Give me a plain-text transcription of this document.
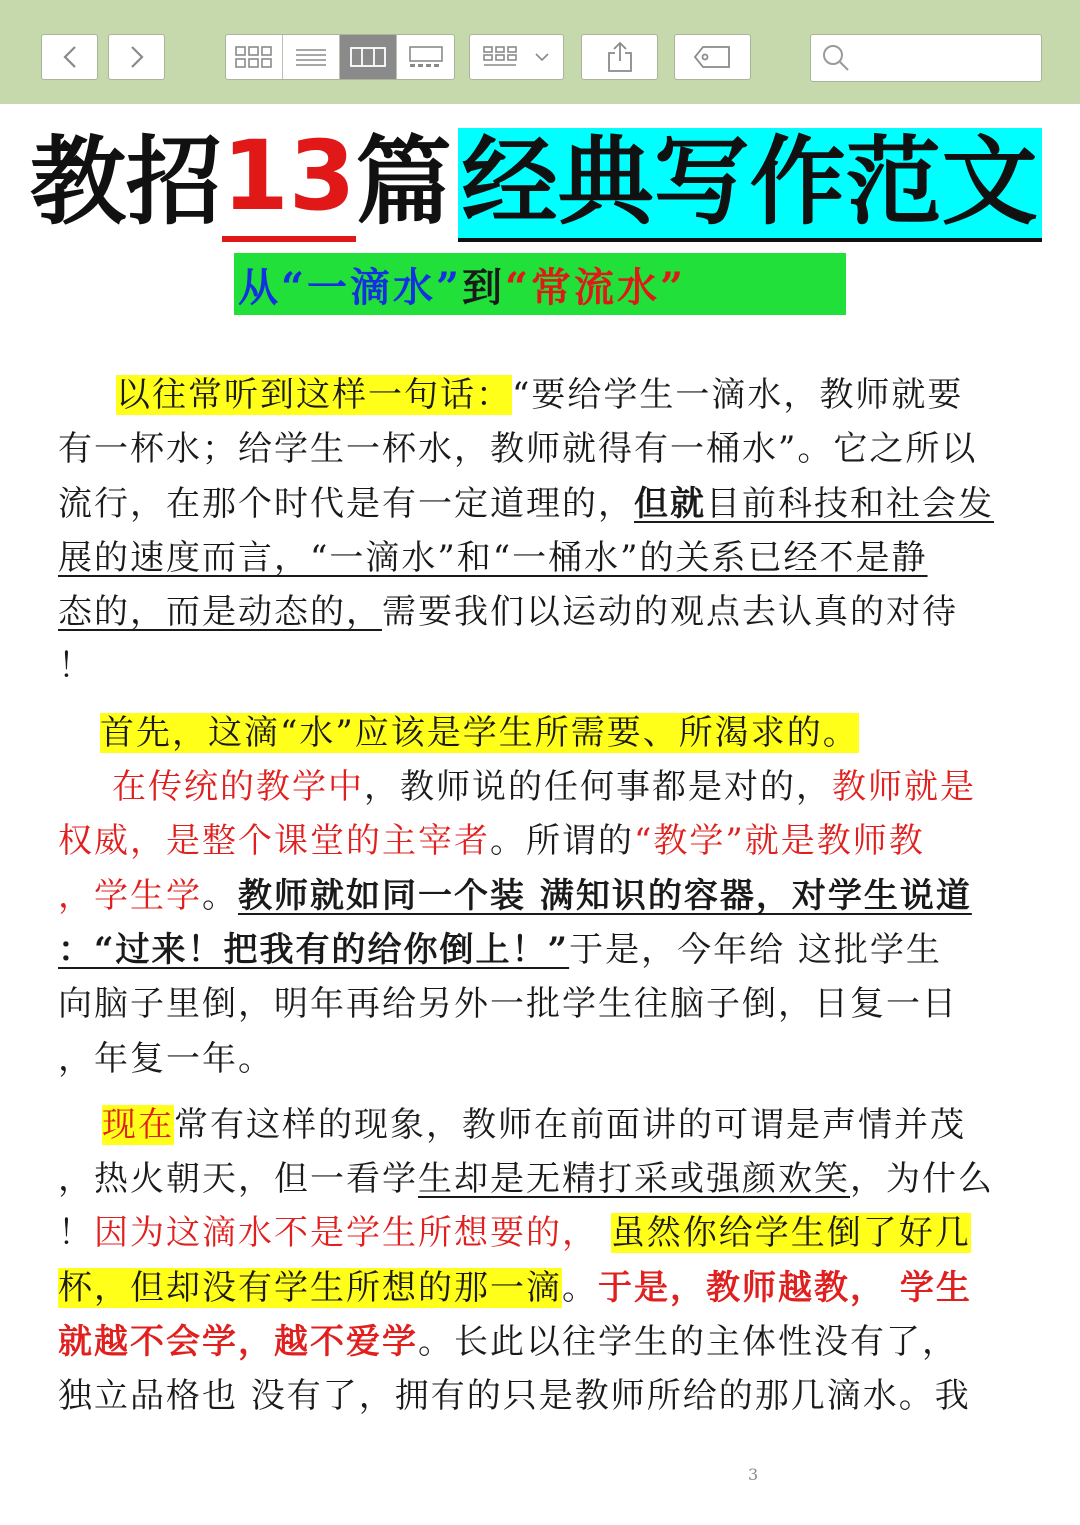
教招 13 篇 经典写作范文
从“一滴水” 到 “常流水”
以往常听到这样一句话：“要给学生一滴水，教师就要
有一杯水；给学生一杯水，教师就得有一桶水”。它之所以
流行，在那个时代是有一定道理的，但就目前科技和社会发
展的速度而言，“一滴水”和“一桶水”的关系已经不是静
态的，而是动态的，需要我们以运动的观点去认真的对待
！
首先，这滴“水”应该是学生所需要、所渴求的。
在传统的教学中，教师说的任何事都是对的，教师就是
权威，是整个课堂的主宰者。所谓的“教学”就是教师教
，学生学。教师就如同一个装 满知识的容器，对学生说道
：“过来！把我有的给你倒上！”于是，今年给 这批学生
向脑子里倒，明年再给另外一批学生往脑子倒，日复一日
，年复一年。
现在常有这样的现象，教师在前面讲的可谓是声情并茂
，热火朝天，但一看学生却是无精打采或强颜欢笑，为什么
！因为这滴水不是学生所想要的， 虽然你给学生倒了好几
杯，但却没有学生所想的那一滴。于是，教师越教， 学生
就越不会学，越不爱学。长此以往学生的主体性没有了，
独立品格也 没有了，拥有的只是教师所给的那几滴水。我
3
